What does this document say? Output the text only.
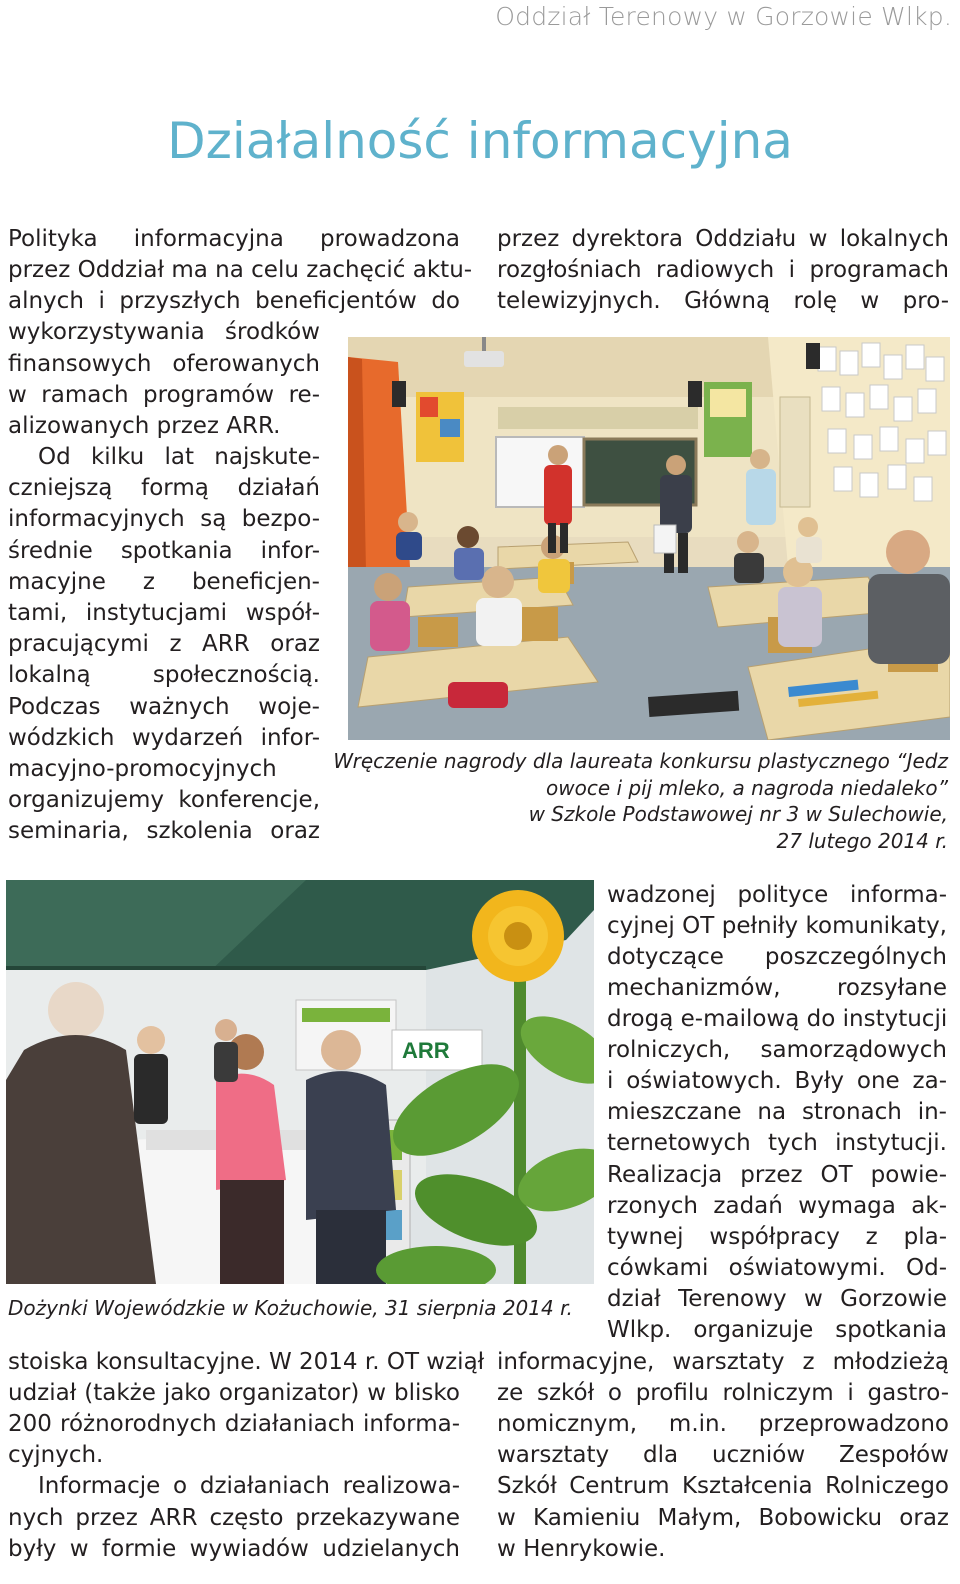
Oddział Terenowy w Gorzowie Wlkp.
Działalność informacyjna
Polityka informacyjna prowadzona
przez Oddział ma na celu zachęcić aktu-
alnych i przyszłych beneficjentów do
wykorzystywania środków
finansowych oferowanych
w ramach programów re-
alizowanych przez ARR.
Od kilku lat najskute-
czniejszą formą działań
informacyjnych są bezpo-
średnie spotkania infor-
macyjne z beneficjen-
tami, instytucjami współ-
pracującymi z ARR oraz
lokalną społecznością.
Podczas ważnych woje-
wódzkich wydarzeń infor-
macyjno-promocyjnych
organizujemy konferencje,
seminaria, szkolenia oraz
przez dyrektora Oddziału w lokalnych
rozgłośniach radiowych i programach
telewizyjnych. Główną rolę w pro-
Wręczenie nagrody dla laureata konkursu plastycznego “Jedz
owoce i pij mleko, a nagroda niedaleko”
w Szkole Podstawowej nr 3 w Sulechowie,
27 lutego 2014 r.
ARR
Dożynki Wojewódzkie w Kożuchowie, 31 sierpnia 2014 r.
wadzonej polityce informa-
cyjnej OT pełniły komunikaty,
dotyczące poszczególnych
mechanizmów, rozsyłane
drogą e-mailową do instytucji
rolniczych, samorządowych
i oświatowych. Były one za-
mieszczane na stronach in-
ternetowych tych instytucji.
Realizacja przez OT powie-
rzonych zadań wymaga ak-
tywnej współpracy z pla-
cówkami oświatowymi. Od-
dział Terenowy w Gorzowie
Wlkp. organizuje spotkania
informacyjne, warsztaty z młodzieżą
ze szkół o profilu rolniczym i gastro-
nomicznym, m.in. przeprowadzono
warsztaty dla uczniów Zespołów
Szkół Centrum Kształcenia Rolniczego
w Kamieniu Małym, Bobowicku oraz
w Henrykowie.
stoiska konsultacyjne. W 2014 r. OT wziął
udział (także jako organizator) w blisko
200 różnorodnych działaniach informa-
cyjnych.
Informacje o działaniach realizowa-
nych przez ARR często przekazywane
były w formie wywiadów udzielanych
